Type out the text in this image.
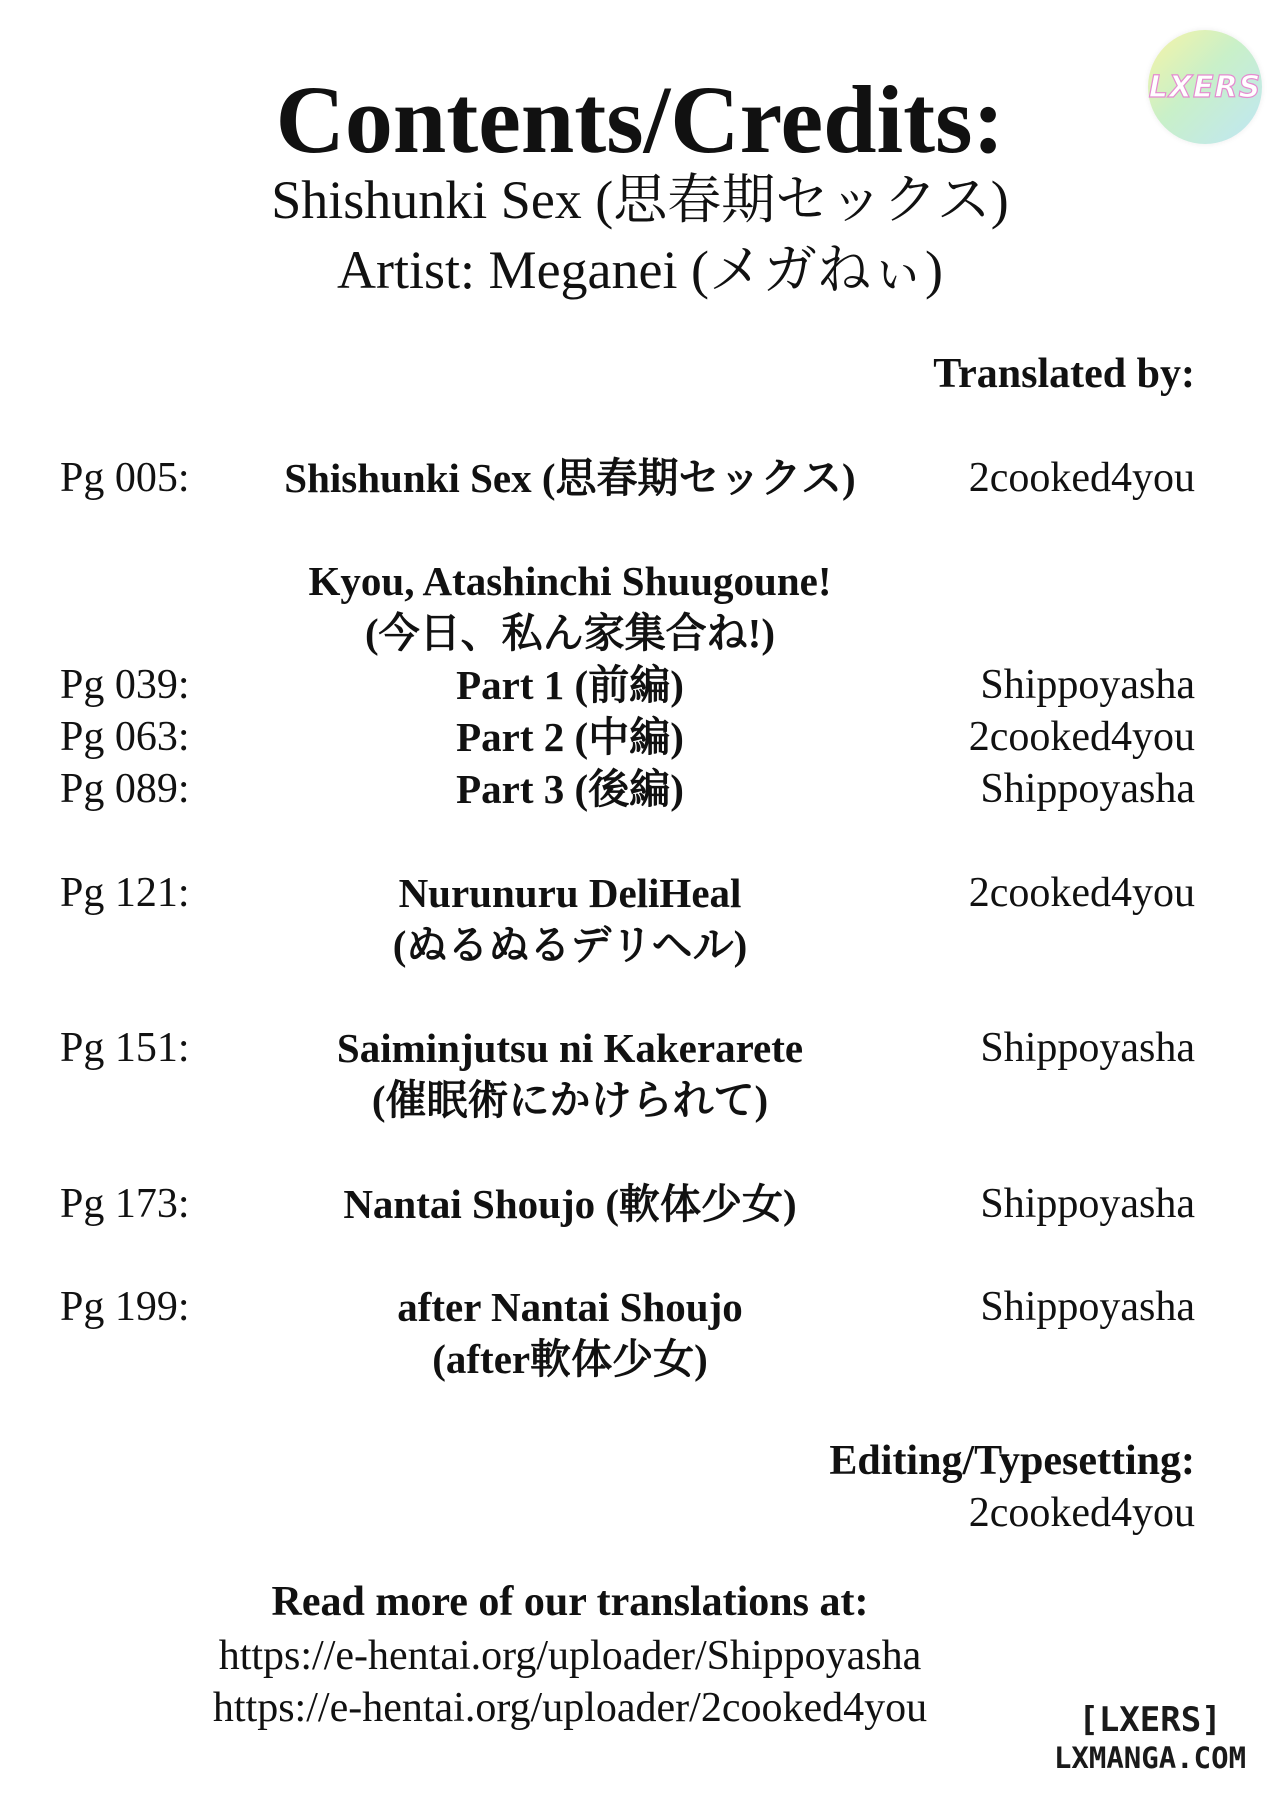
LXERS
Contents/Credits:
Shishunki Sex (思春期セックス)
Artist: Meganei (メガねぃ)
Translated by:
Pg 005:	Shishunki Sex (思春期セックス)	2cooked4you
Kyou, Atashinchi Shuugoune!
(今日、私ん家集合ね!)
Pg 039:	Part 1 (前編)	Shippoyasha
Pg 063:	Part 2 (中編)	2cooked4you
Pg 089:	Part 3 (後編)	Shippoyasha
Pg 121:	Nurunuru DeliHeal	2cooked4you
(ぬるぬるデリヘル)
Pg 151:	Saiminjutsu ni Kakerarete	Shippoyasha
(催眠術にかけられて)
Pg 173:	Nantai Shoujo (軟体少女)	Shippoyasha
Pg 199:	after Nantai Shoujo	Shippoyasha
(after軟体少女)
Editing/Typesetting:
2cooked4you
Read more of our translations at:
https://e-hentai.org/uploader/Shippoyasha
https://e-hentai.org/uploader/2cooked4you	[LXERS]
LXMANGA.COM
